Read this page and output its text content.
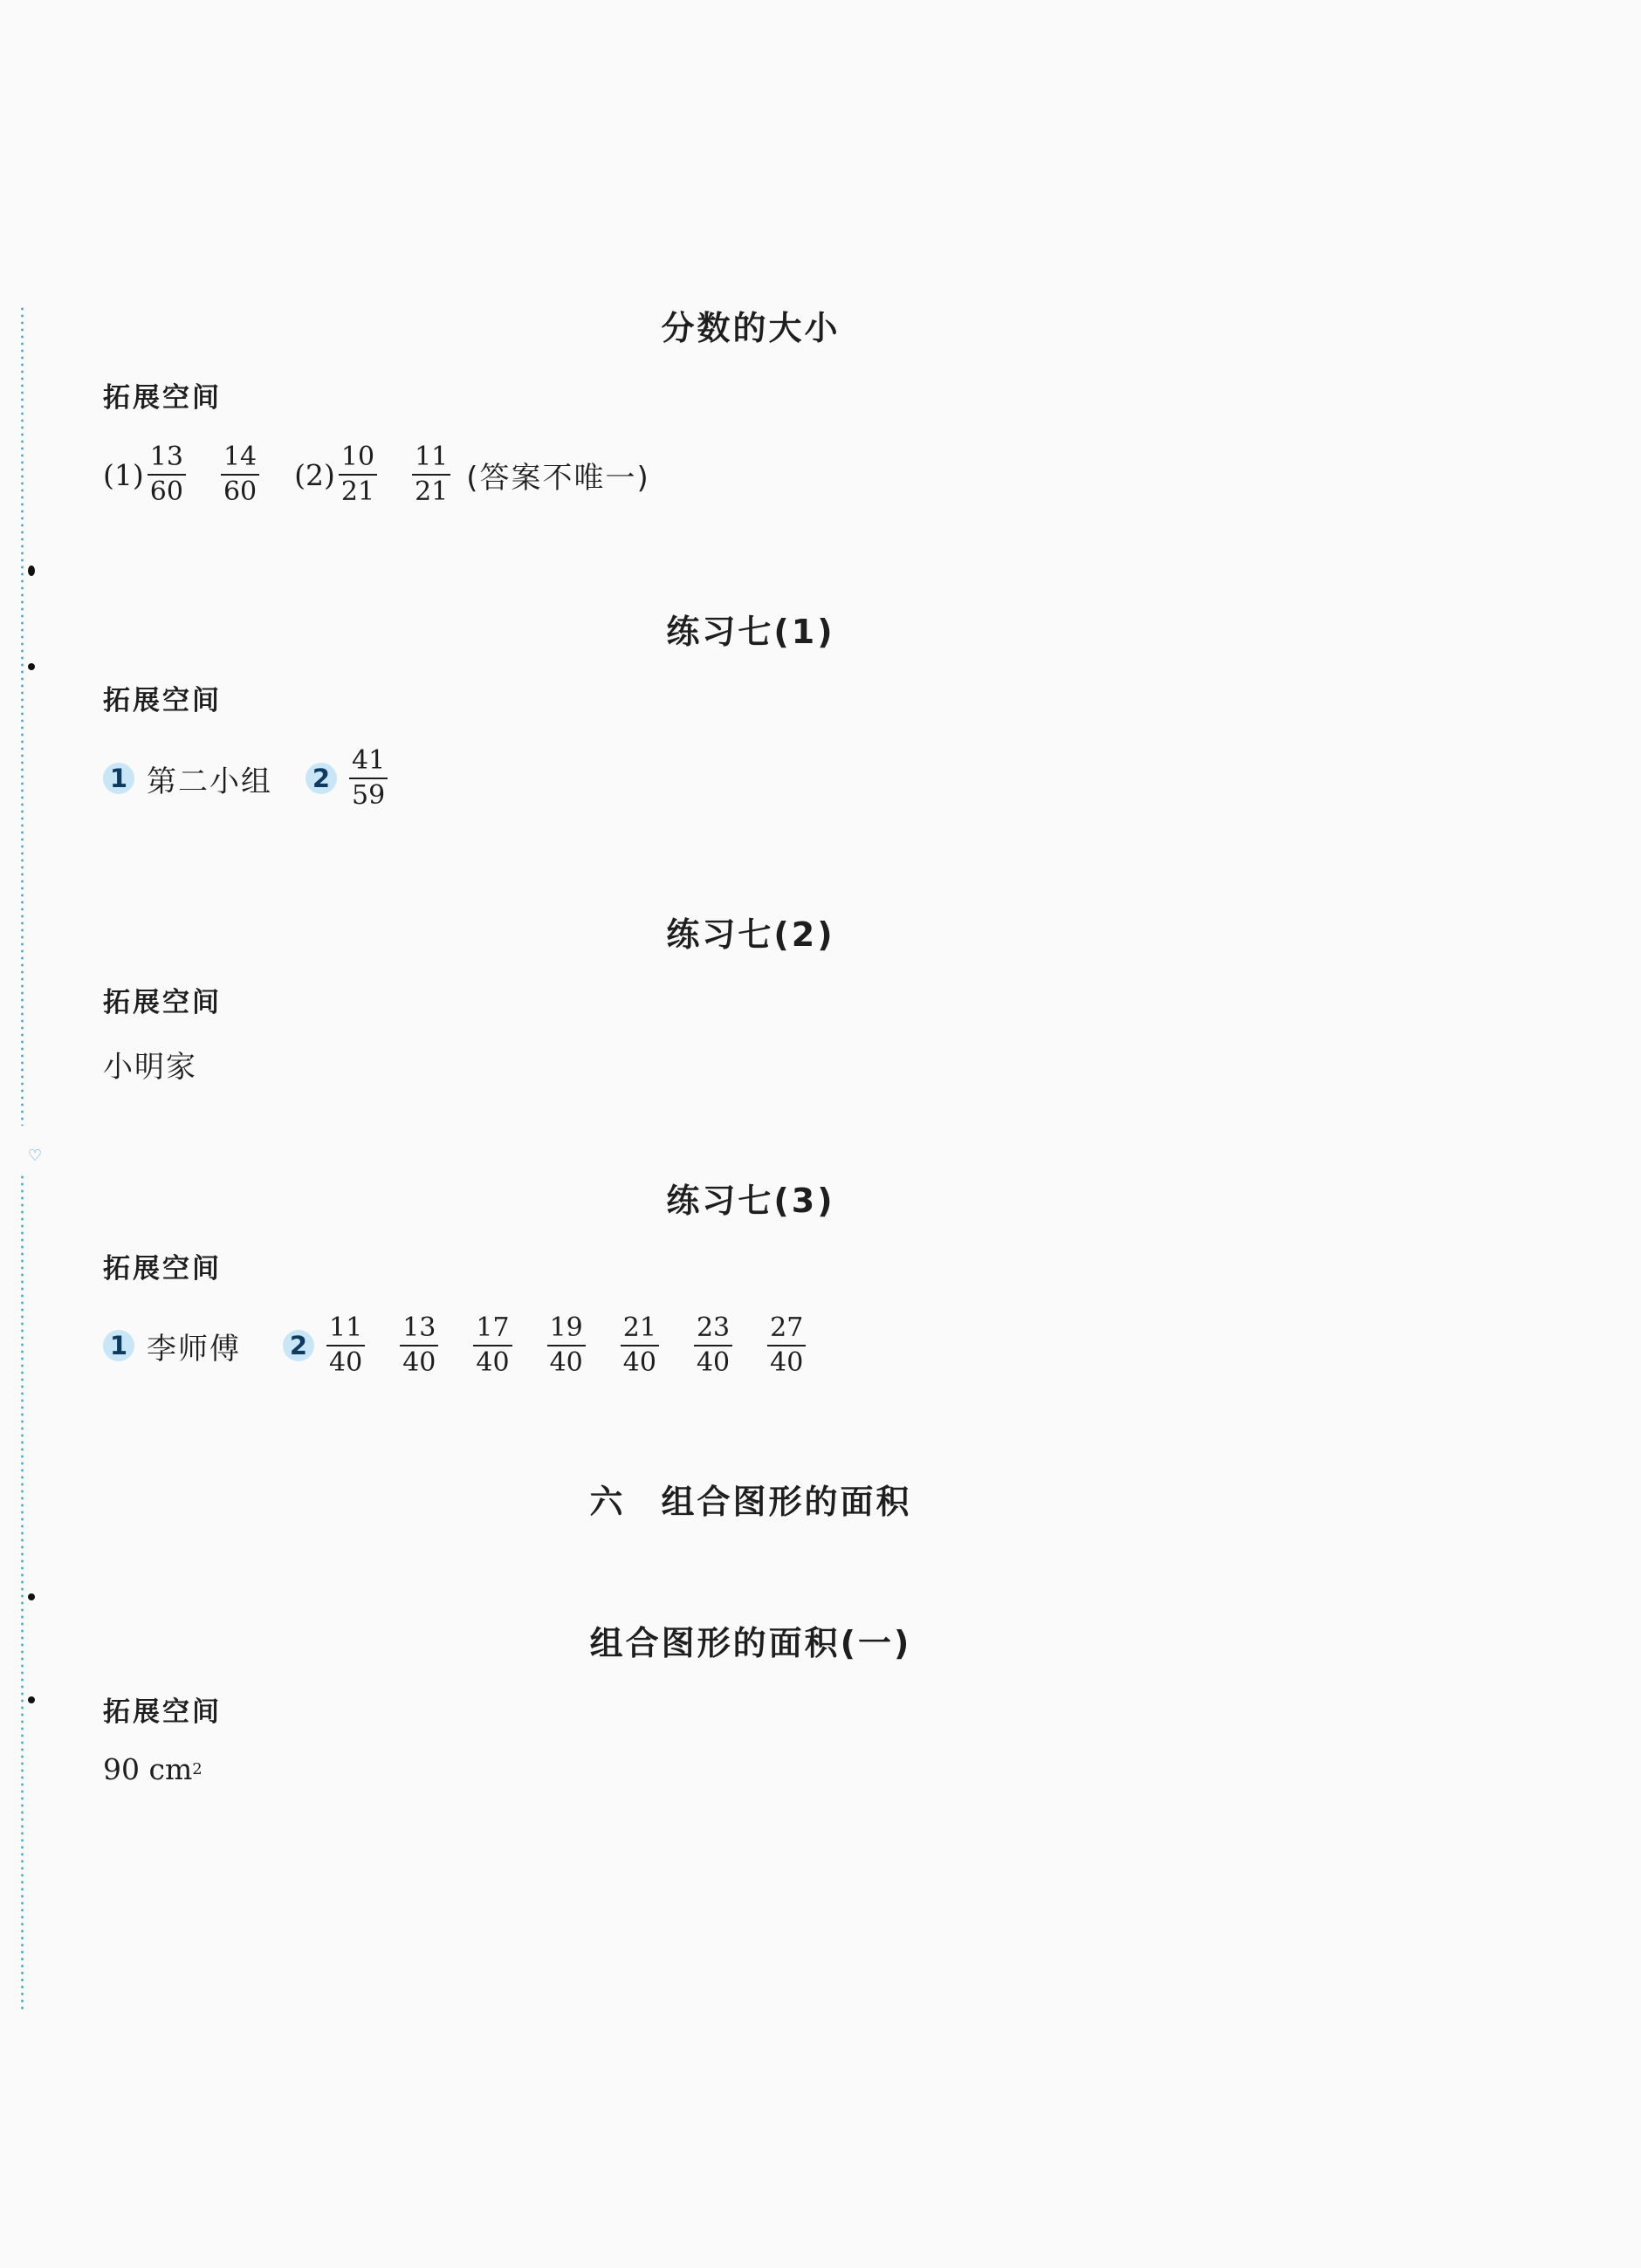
♡
分数的大小
拓展空间
$(1) \frac{13}{60} \frac{14}{60} (2) \frac{10}{21} \frac{11}{21}$ (答案不唯一)
练习七(1)
拓展空间
1 第二小组 $2 \frac{41}{59}$
练习七(2)
拓展空间
小明家
练习七(3)
拓展空间
1 李师傅 $2 \frac{11}{40} \frac{13}{40} \frac{17}{40} \frac{19}{40} \frac{21}{40} \frac{23}{40} \frac{27}{40}$
六　组合图形的面积
组合图形的面积(一)
拓展空间
90 cm 2
